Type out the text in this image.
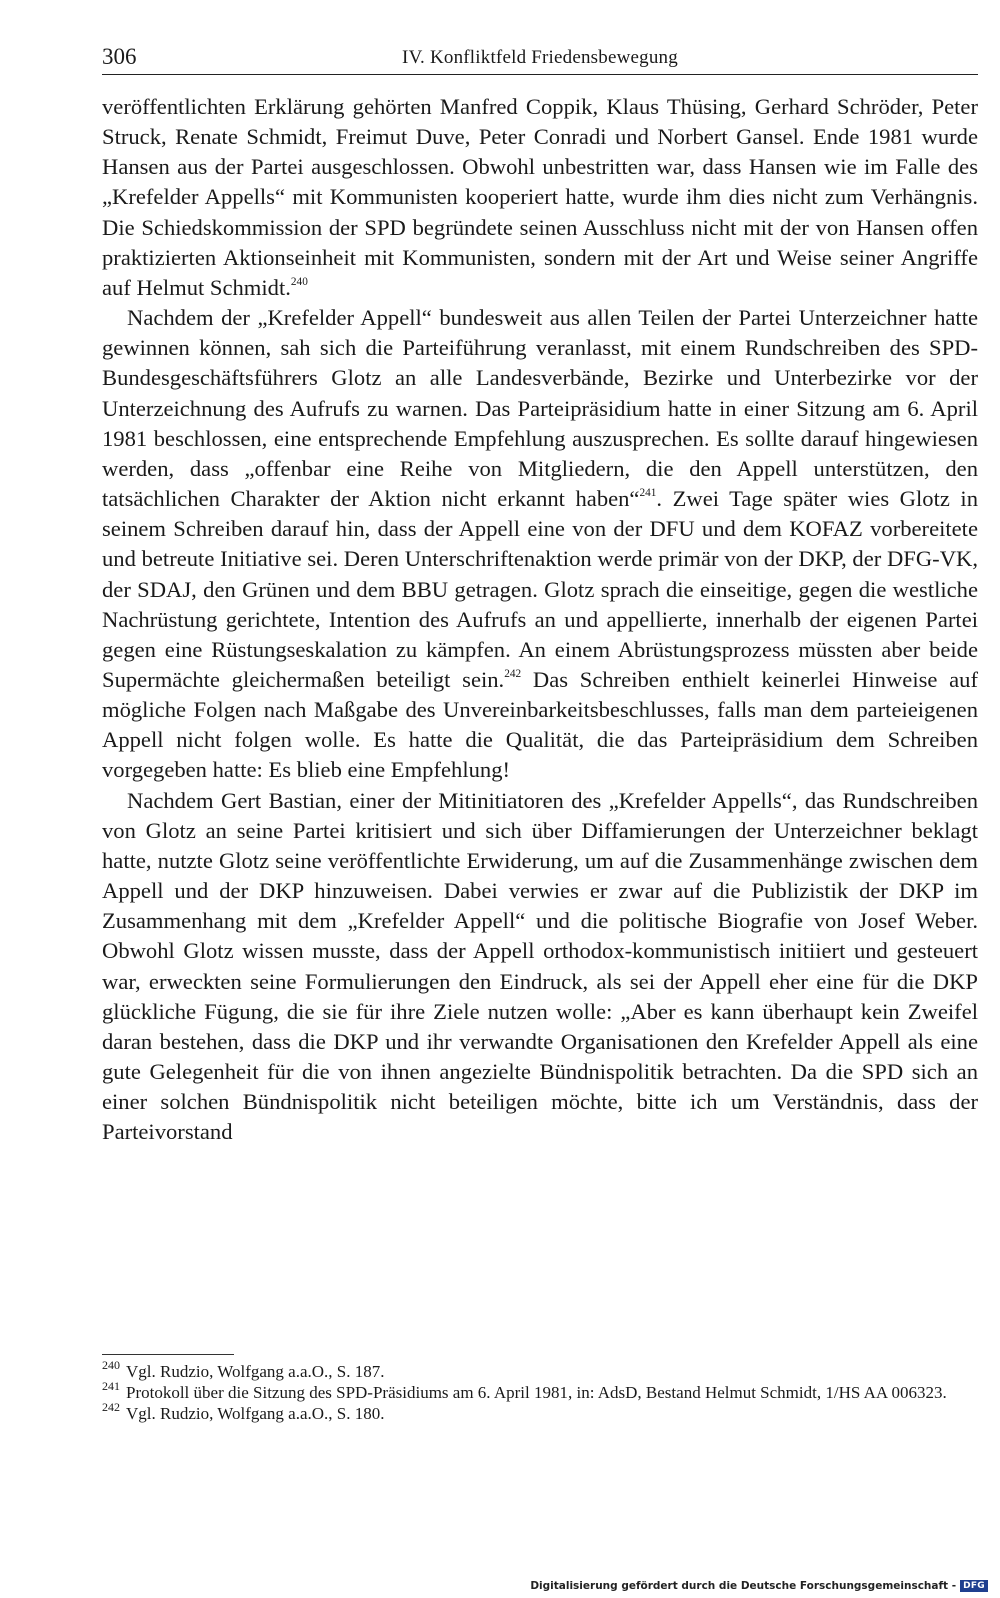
306	IV. Konfliktfeld Friedensbewegung

veröffentlichten Erklärung gehörten Manfred Coppik, Klaus Thüsing, Gerhard Schröder, Peter Struck, Renate Schmidt, Freimut Duve, Peter Conradi und Norbert Gansel. Ende 1981 wurde Hansen aus der Partei ausgeschlossen. Obwohl unbestritten war, dass Hansen wie im Falle des „Krefelder Appells“ mit Kommunisten kooperiert hatte, wurde ihm dies nicht zum Verhängnis. Die Schiedskommission der SPD begründete seinen Ausschluss nicht mit der von Hansen offen praktizierten Aktionseinheit mit Kommunisten, sondern mit der Art und Weise seiner Angriffe auf Helmut Schmidt.$^{240}$

Nachdem der „Krefelder Appell“ bundesweit aus allen Teilen der Partei Unterzeichner hatte gewinnen können, sah sich die Parteiführung veranlasst, mit einem Rundschreiben des SPD-Bundesgeschäftsführers Glotz an alle Landesverbände, Bezirke und Unterbezirke vor der Unterzeichnung des Aufrufs zu warnen. Das Parteipräsidium hatte in einer Sitzung am 6. April 1981 beschlossen, eine entsprechende Empfehlung auszusprechen. Es sollte darauf hingewiesen werden, dass „offenbar eine Reihe von Mitgliedern, die den Appell unterstützen, den tatsächlichen Charakter der Aktion nicht erkannt haben“$^{241}$. Zwei Tage später wies Glotz in seinem Schreiben darauf hin, dass der Appell eine von der DFU und dem KOFAZ vorbereitete und betreute Initiative sei. Deren Unterschriftenaktion werde primär von der DKP, der DFG-VK, der SDAJ, den Grünen und dem BBU getragen. Glotz sprach die einseitige, gegen die westliche Nachrüstung gerichtete, Intention des Aufrufs an und appellierte, innerhalb der eigenen Partei gegen eine Rüstungseskalation zu kämpfen. An einem Abrüstungsprozess müssten aber beide Supermächte gleichermaßen beteiligt sein.$^{242}$ Das Schreiben enthielt keinerlei Hinweise auf mögliche Folgen nach Maßgabe des Unvereinbarkeitsbeschlusses, falls man dem parteieigenen Appell nicht folgen wolle. Es hatte die Qualität, die das Parteipräsidium dem Schreiben vorgegeben hatte: Es blieb eine Empfehlung!

Nachdem Gert Bastian, einer der Mitinitiatoren des „Krefelder Appells“, das Rundschreiben von Glotz an seine Partei kritisiert und sich über Diffamierungen der Unterzeichner beklagt hatte, nutzte Glotz seine veröffentlichte Erwiderung, um auf die Zusammenhänge zwischen dem Appell und der DKP hinzuweisen. Dabei verwies er zwar auf die Publizistik der DKP im Zusammenhang mit dem „Krefelder Appell“ und die politische Biografie von Josef Weber. Obwohl Glotz wissen musste, dass der Appell orthodox-kommunistisch initiiert und gesteuert war, erweckten seine Formulierungen den Eindruck, als sei der Appell eher eine für die DKP glückliche Fügung, die sie für ihre Ziele nutzen wolle: „Aber es kann überhaupt kein Zweifel daran bestehen, dass die DKP und ihr verwandte Organisationen den Krefelder Appell als eine gute Gelegenheit für die von ihnen angezielte Bündnispolitik betrachten. Da die SPD sich an einer solchen Bündnispolitik nicht beteiligen möchte, bitte ich um Verständnis, dass der Parteivorstand

240 Vgl. Rudzio, Wolfgang a.a.O., S. 187.

241 Protokoll über die Sitzung des SPD-Präsidiums am 6. April 1981, in: AdsD, Bestand Helmut Schmidt, 1/HS AA 006323.

242 Vgl. Rudzio, Wolfgang a.a.O., S. 180.

Digitalisierung gefördert durch die Deutsche Forschungsgemeinschaft - DFG
